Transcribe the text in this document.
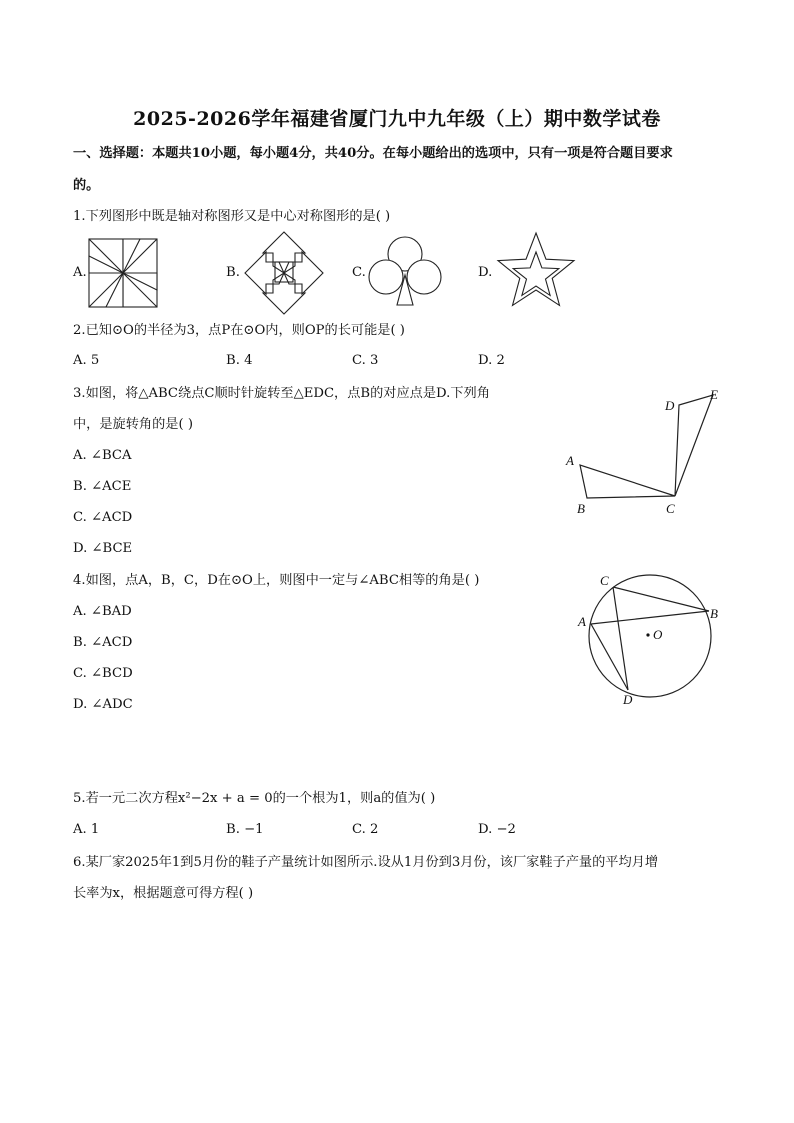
2025-2026学年福建省厦门九中九年级（上）期中数学试卷
一、选择题：本题共10小题，每小题4分，共40分。在每小题给出的选项中，只有一项是符合题目要求
的。
1.下列图形中既是轴对称图形又是中心对称图形的是( )
A.	B.	C.	D.
2.已知⊙O的半径为3，点P在⊙O内，则OP的长可能是( )
A. 5	B. 4	C. 3	D. 2
3.如图，将△ABC绕点C顺时针旋转至△EDC，点B的对应点是D.下列角
中，是旋转角的是( )
A. ∠BCA
B. ∠ACE
C. ∠ACD
D. ∠BCE
A
B	C
D
E
4.如图，点A，B，C，D在⊙O上，则图中一定与∠ABC相等的角是( )
A. ∠BAD
B. ∠ACD
C. ∠BCD
D. ∠ADC
C
A
B
D
O
5.若一元二次方程x²−2x + a = 0的一个根为1，则a的值为( )
A. 1	B. −1	C. 2	D. −2
6.某厂家2025年1到5月份的鞋子产量统计如图所示.设从1月份到3月份，该厂家鞋子产量的平均月增
长率为x，根据题意可得方程( )
